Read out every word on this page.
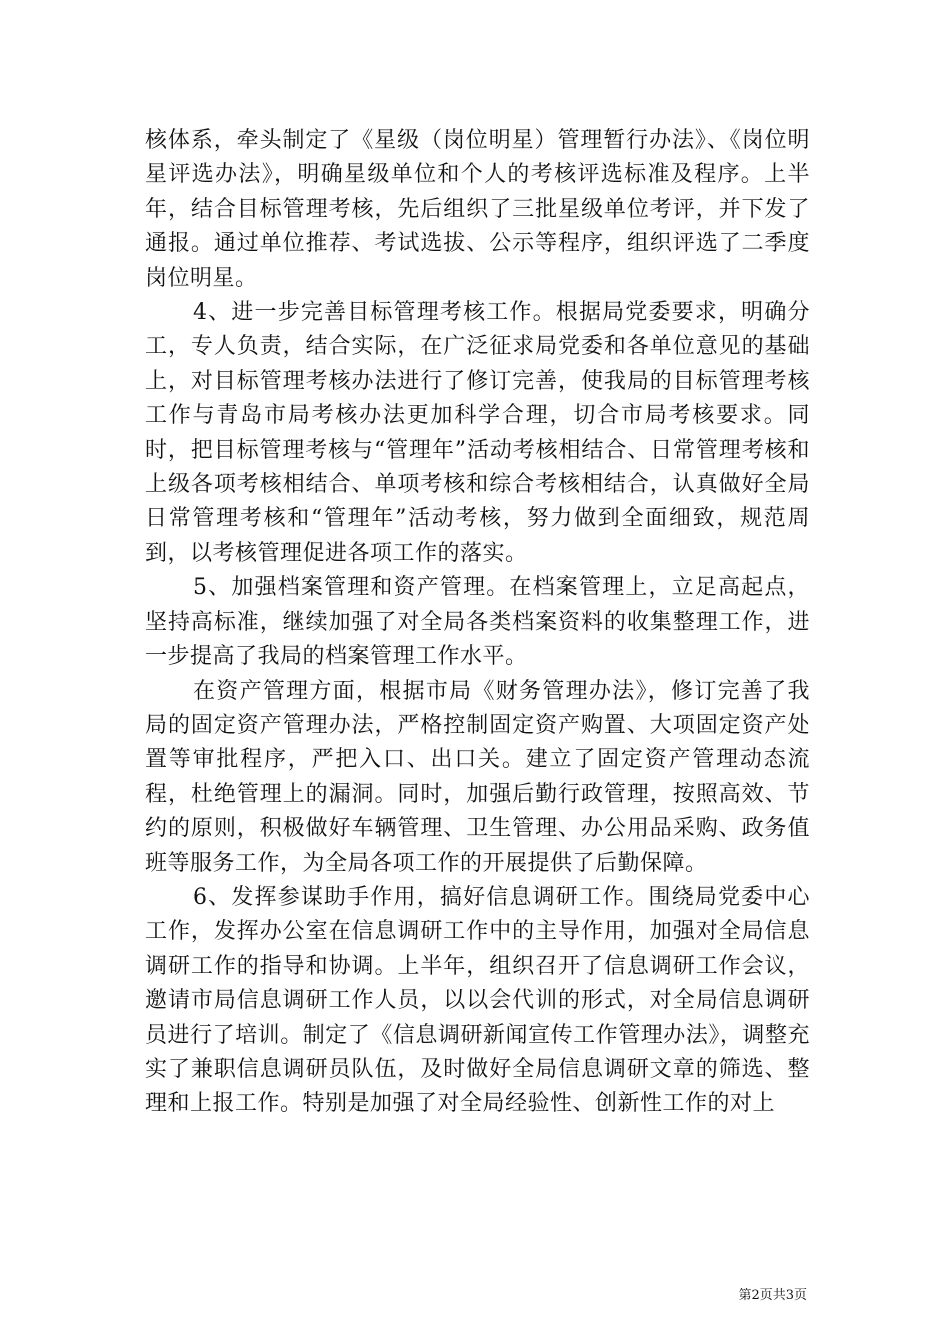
核体系，牵头制定了《星级（岗位明星）管理暂行办法》、《岗位明星评选办法》，明确星级单位和个人的考核评选标准及程序。上半年，结合目标管理考核，先后组织了三批星级单位考评，并下发了通报。通过单位推荐、考试选拔、公示等程序，组织评选了二季度岗位明星。

4、进一步完善目标管理考核工作。根据局党委要求，明确分工，专人负责，结合实际，在广泛征求局党委和各单位意见的基础上，对目标管理考核办法进行了修订完善，使我局的目标管理考核工作与青岛市局考核办法更加科学合理，切合市局考核要求。同时，把目标管理考核与“管理年”活动考核相结合、日常管理考核和上级各项考核相结合、单项考核和综合考核相结合，认真做好全局日常管理考核和“管理年”活动考核，努力做到全面细致，规范周到，以考核管理促进各项工作的落实。

5、加强档案管理和资产管理。在档案管理上，立足高起点，坚持高标准，继续加强了对全局各类档案资料的收集整理工作，进一步提高了我局的档案管理工作水平。

在资产管理方面，根据市局《财务管理办法》，修订完善了我局的固定资产管理办法，严格控制固定资产购置、大项固定资产处置等审批程序，严把入口、出口关。建立了固定资产管理动态流程，杜绝管理上的漏洞。同时，加强后勤行政管理，按照高效、节约的原则，积极做好车辆管理、卫生管理、办公用品采购、政务值班等服务工作，为全局各项工作的开展提供了后勤保障。

6、发挥参谋助手作用，搞好信息调研工作。围绕局党委中心工作，发挥办公室在信息调研工作中的主导作用，加强对全局信息调研工作的指导和协调。上半年，组织召开了信息调研工作会议，邀请市局信息调研工作人员，以以会代训的形式，对全局信息调研员进行了培训。制定了《信息调研新闻宣传工作管理办法》，调整充实了兼职信息调研员队伍，及时做好全局信息调研文章的筛选、整理和上报工作。特别是加强了对全局经验性、创新性工作的对上

第2页共3页
